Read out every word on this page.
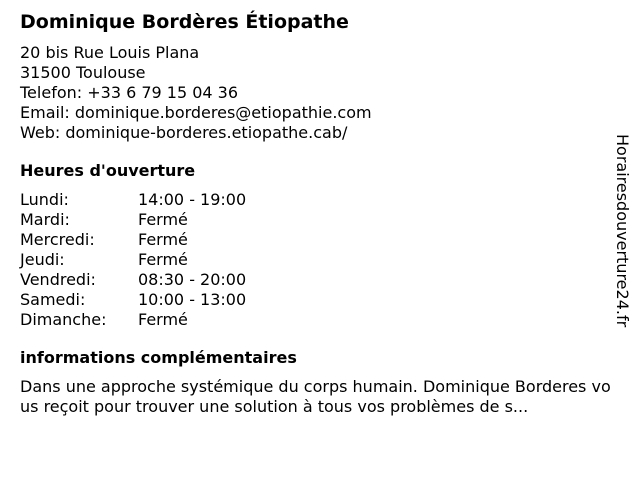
Dominique Bordères Étiopathe

20 bis Rue Louis Plana

31500 Toulouse

Telefon: +33 6 79 15 04 36

Email: dominique.borderes@etiopathie.com

Web: dominique-borderes.etiopathe.cab/

Heures d'ouverture
Lundi:	14:00 - 19:00
Mardi:	Fermé
Mercredi:	Fermé
Jeudi:	Fermé
Vendredi:	08:30 - 20:00
Samedi:	10:00 - 13:00
Dimanche:	Fermé
informations complémentaires

Dans une approche systémique du corps humain. Dominique Borderes vous reçoit pour trouver une solution à tous vos problèmes de s...

Horairesdouverture24.fr
